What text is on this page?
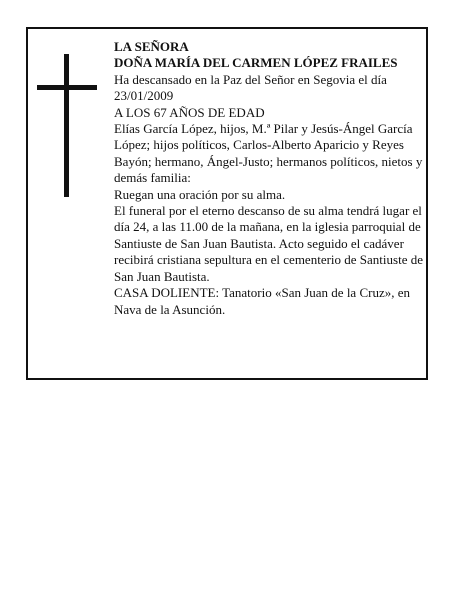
LA SEÑORA

DOÑA MARÍA DEL CARMEN LÓPEZ FRAILES

Ha descansado en la Paz del Señor en Segovia el día

23/01/2009

A LOS 67 AÑOS DE EDAD

Elías García López, hijos, M.ª Pilar y Jesús-Ángel García López; hijos políticos, Carlos-Alberto Aparicio y Reyes Bayón; hermano, Ángel-Justo; hermanos políticos, nietos y demás familia:

Ruegan una oración por su alma.

El funeral por el eterno descanso de su alma tendrá lugar el día 24, a las 11.00 de la mañana, en la iglesia parroquial de Santiuste de San Juan Bautista. Acto seguido el cadáver recibirá cristiana sepultura en el cementerio de Santiuste de San Juan Bautista.

CASA DOLIENTE: Tanatorio «San Juan de la Cruz», en

Nava de la Asunción.
